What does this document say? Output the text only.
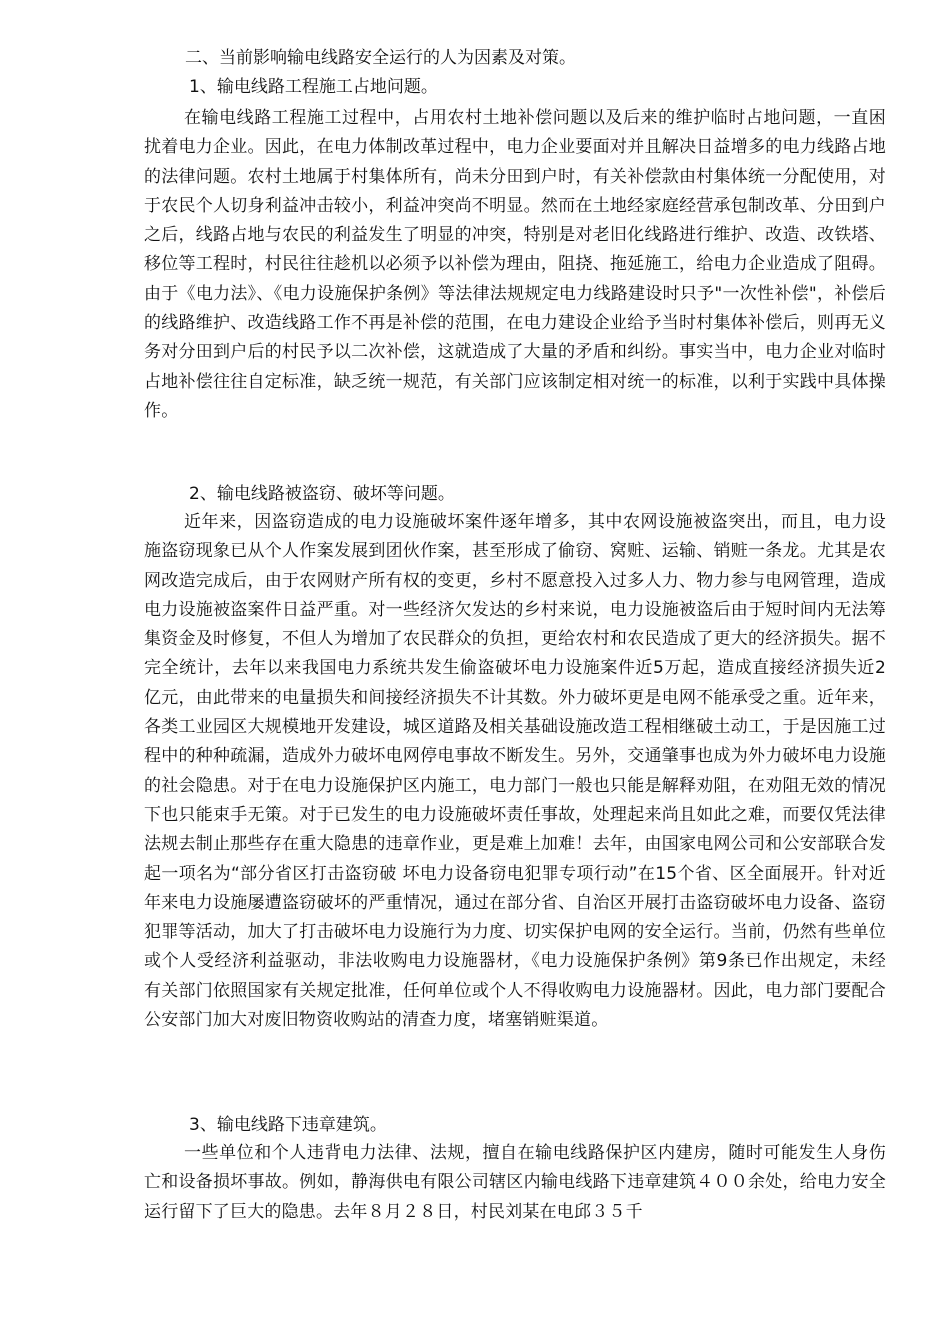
二、当前影响输电线路安全运行的人为因素及对策。
1、输电线路工程施工占地问题。
在输电线路工程施工过程中，占用农村土地补偿问题以及后来的维护临时占地问题，一直困扰着电力企业。因此，在电力体制改革过程中，电力企业要面对并且解决日益增多的电力线路占地的法律问题。农村土地属于村集体所有，尚未分田到户时，有关补偿款由村集体统一分配使用，对于农民个人切身利益冲击较小，利益冲突尚不明显。然而在土地经家庭经营承包制改革、分田到户之后，线路占地与农民的利益发生了明显的冲突，特别是对老旧化线路进行维护、改造、改铁塔、移位等工程时，村民往往趁机以必须予以补偿为理由，阻挠、拖延施工，给电力企业造成了阻碍。由于《电力法》、《电力设施保护条例》等法律法规规定电力线路建设时只予"一次性补偿"，补偿后的线路维护、改造线路工作不再是补偿的范围，在电力建设企业给予当时村集体补偿后，则再无义务对分田到户后的村民予以二次补偿，这就造成了大量的矛盾和纠纷。事实当中，电力企业对临时占地补偿往往自定标准，缺乏统一规范，有关部门应该制定相对统一的标准，以利于实践中具体操作。
2、输电线路被盗窃、破坏等问题。
近年来，因盗窃造成的电力设施破坏案件逐年增多，其中农网设施被盗突出，而且，电力设施盗窃现象已从个人作案发展到团伙作案，甚至形成了偷窃、窝赃、运输、销赃一条龙。尤其是农网改造完成后，由于农网财产所有权的变更，乡村不愿意投入过多人力、物力参与电网管理，造成电力设施被盗案件日益严重。对一些经济欠发达的乡村来说，电力设施被盗后由于短时间内无法筹集资金及时修复，不但人为增加了农民群众的负担，更给农村和农民造成了更大的经济损失。据不完全统计，去年以来我国电力系统共发生偷盗破坏电力设施案件近5万起，造成直接经济损失近2亿元，由此带来的电量损失和间接经济损失不计其数。外力破坏更是电网不能承受之重。近年来，各类工业园区大规模地开发建设，城区道路及相关基础设施改造工程相继破土动工，于是因施工过程中的种种疏漏，造成外力破坏电网停电事故不断发生。另外，交通肇事也成为外力破坏电力设施的社会隐患。对于在电力设施保护区内施工，电力部门一般也只能是解释劝阻，在劝阻无效的情况下也只能束手无策。对于已发生的电力设施破坏责任事故，处理起来尚且如此之难，而要仅凭法律法规去制止那些存在重大隐患的违章作业，更是难上加难！去年，由国家电网公司和公安部联合发起一项名为“部分省区打击盗窃破 坏电力设备窃电犯罪专项行动”在15个省、区全面展开。针对近年来电力设施屡遭盗窃破坏的严重情况，通过在部分省、自治区开展打击盗窃破坏电力设备、盗窃犯罪等活动，加大了打击破坏电力设施行为力度、切实保护电网的安全运行。当前，仍然有些单位或个人受经济利益驱动，非法收购电力设施器材，《电力设施保护条例》第9条已作出规定，未经有关部门依照国家有关规定批准，任何单位或个人不得收购电力设施器材。因此，电力部门要配合公安部门加大对废旧物资收购站的清查力度，堵塞销赃渠道。
3、输电线路下违章建筑。
一些单位和个人违背电力法律、法规，擅自在输电线路保护区内建房，随时可能发生人身伤亡和设备损坏事故。例如，静海供电有限公司辖区内输电线路下违章建筑４００余处，给电力安全运行留下了巨大的隐患。去年８月２８日，村民刘某在电邱３５千
